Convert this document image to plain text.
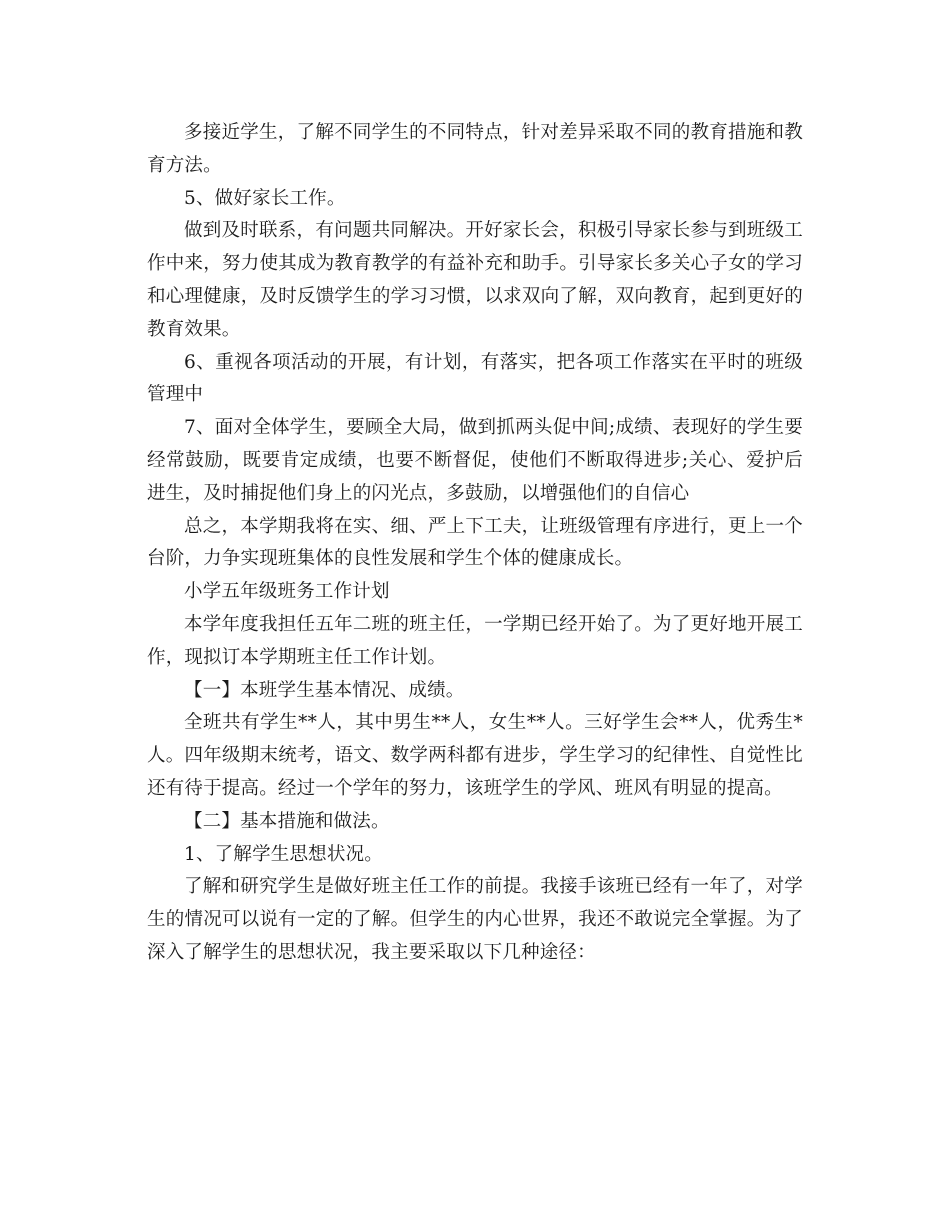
多接近学生，了解不同学生的不同特点，针对差异采取不同的教育措施和教育方法。

5、做好家长工作。

做到及时联系，有问题共同解决。开好家长会，积极引导家长参与到班级工作中来，努力使其成为教育教学的有益补充和助手。引导家长多关心子女的学习和心理健康，及时反馈学生的学习习惯，以求双向了解，双向教育，起到更好的教育效果。

6、重视各项活动的开展，有计划，有落实，把各项工作落实在平时的班级管理中

7、面对全体学生，要顾全大局，做到抓两头促中间;成绩、表现好的学生要经常鼓励，既要肯定成绩，也要不断督促，使他们不断取得进步;关心、爱护后进生，及时捕捉他们身上的闪光点，多鼓励，以增强他们的自信心

总之，本学期我将在实、细、严上下工夫，让班级管理有序进行，更上一个台阶，力争实现班集体的良性发展和学生个体的健康成长。

小学五年级班务工作计划

本学年度我担任五年二班的班主任，一学期已经开始了。为了更好地开展工作，现拟订本学期班主任工作计划。

【一】本班学生基本情况、成绩。

全班共有学生**人，其中男生**人，女生**人。三好学生会**人，优秀生*人。四年级期末统考，语文、数学两科都有进步，学生学习的纪律性、自觉性比还有待于提高。经过一个学年的努力，该班学生的学风、班风有明显的提高。

【二】基本措施和做法。

1、了解学生思想状况。

了解和研究学生是做好班主任工作的前提。我接手该班已经有一年了，对学生的情况可以说有一定的了解。但学生的内心世界，我还不敢说完全掌握。为了深入了解学生的思想状况，我主要采取以下几种途径：
